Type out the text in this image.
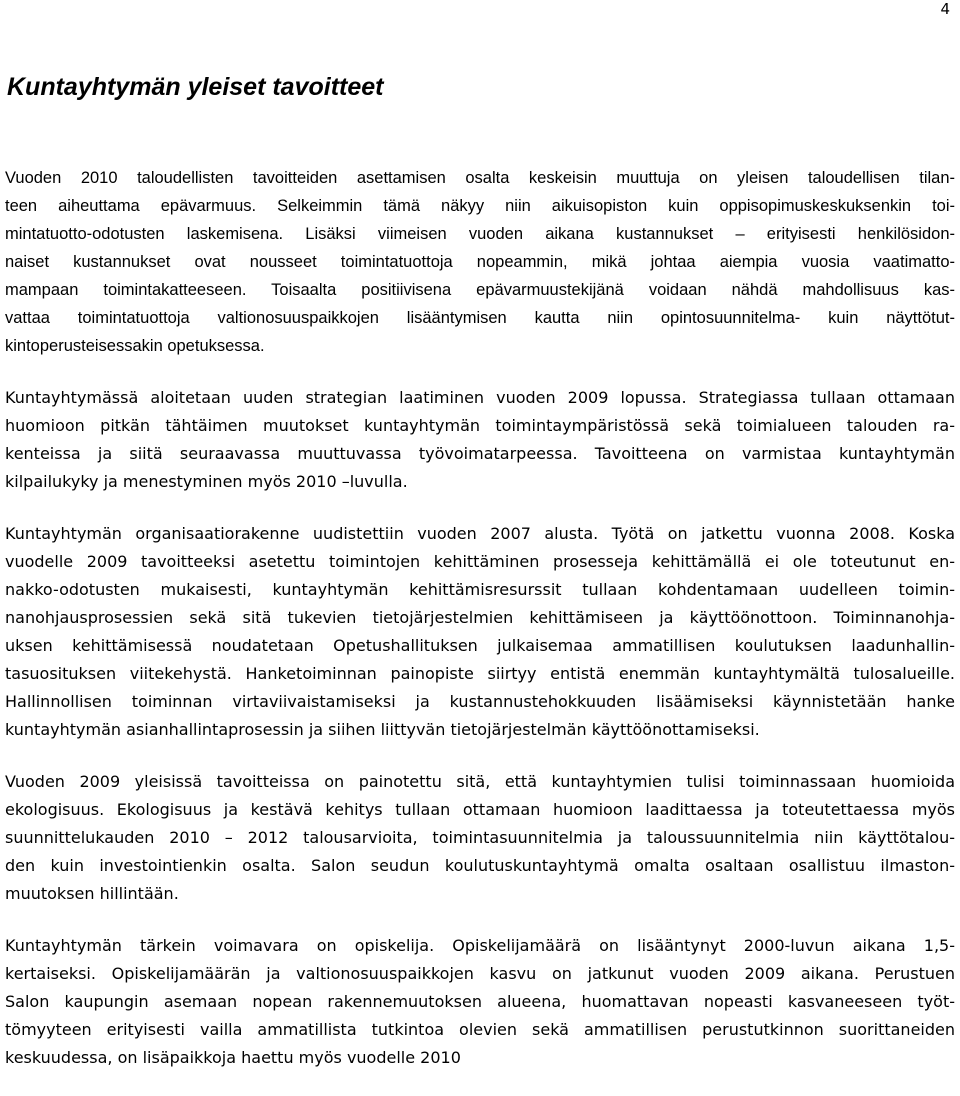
4
Kuntayhtymän yleiset tavoitteet

Vuoden 2010 taloudellisten tavoitteiden asettamisen osalta keskeisin muuttuja on yleisen taloudellisen tilan-
teen aiheuttama epävarmuus. Selkeimmin tämä näkyy niin aikuisopiston kuin oppisopimuskeskuksenkin toi-
mintatuotto-odotusten laskemisena. Lisäksi viimeisen vuoden aikana kustannukset – erityisesti henkilösidon-
naiset kustannukset ovat nousseet toimintatuottoja nopeammin, mikä johtaa aiempia vuosia vaatimatto-
mampaan toimintakatteeseen. Toisaalta positiivisena epävarmuustekijänä voidaan nähdä mahdollisuus kas-
vattaa toimintatuottoja valtionosuuspaikkojen lisääntymisen kautta niin opintosuunnitelma- kuin näyttötut-
kintoperusteisessakin opetuksessa.

Kuntayhtymässä aloitetaan uuden strategian laatiminen vuoden 2009 lopussa. Strategiassa tullaan ottamaan
huomioon pitkän tähtäimen muutokset kuntayhtymän toimintaympäristössä sekä toimialueen talouden ra-
kenteissa ja siitä seuraavassa muuttuvassa työvoimatarpeessa. Tavoitteena on varmistaa kuntayhtymän
kilpailukyky ja menestyminen myös 2010 –luvulla.

Kuntayhtymän organisaatiorakenne uudistettiin vuoden 2007 alusta. Työtä on jatkettu vuonna 2008. Koska
vuodelle 2009 tavoitteeksi asetettu toimintojen kehittäminen prosesseja kehittämällä ei ole toteutunut en-
nakko-odotusten mukaisesti, kuntayhtymän kehittämisresurssit tullaan kohdentamaan uudelleen toimin-
nanohjausprosessien sekä sitä tukevien tietojärjestelmien kehittämiseen ja käyttöönottoon. Toiminnanohja-
uksen kehittämisessä noudatetaan Opetushallituksen julkaisemaa ammatillisen koulutuksen laadunhallin-
tasuosituksen viitekehystä. Hanketoiminnan painopiste siirtyy entistä enemmän kuntayhtymältä tulosalueille.
Hallinnollisen toiminnan virtaviivaistamiseksi ja kustannustehokkuuden lisäämiseksi käynnistetään hanke
kuntayhtymän asianhallintaprosessin ja siihen liittyvän tietojärjestelmän käyttöönottamiseksi.

Vuoden 2009 yleisissä tavoitteissa on painotettu sitä, että kuntayhtymien tulisi toiminnassaan huomioida
ekologisuus. Ekologisuus ja kestävä kehitys tullaan ottamaan huomioon laadittaessa ja toteutettaessa myös
suunnittelukauden 2010 – 2012 talousarvioita, toimintasuunnitelmia ja taloussuunnitelmia niin käyttötalou-
den kuin investointienkin osalta. Salon seudun koulutuskuntayhtymä omalta osaltaan osallistuu ilmaston-
muutoksen hillintään.

Kuntayhtymän tärkein voimavara on opiskelija. Opiskelijamäärä on lisääntynyt 2000-luvun aikana 1,5-
kertaiseksi. Opiskelijamäärän ja valtionosuuspaikkojen kasvu on jatkunut vuoden 2009 aikana. Perustuen
Salon kaupungin asemaan nopean rakennemuutoksen alueena, huomattavan nopeasti kasvaneeseen työt-
tömyyteen erityisesti vailla ammatillista tutkintoa olevien sekä ammatillisen perustutkinnon suorittaneiden
keskuudessa, on lisäpaikkoja haettu myös vuodelle 2010
